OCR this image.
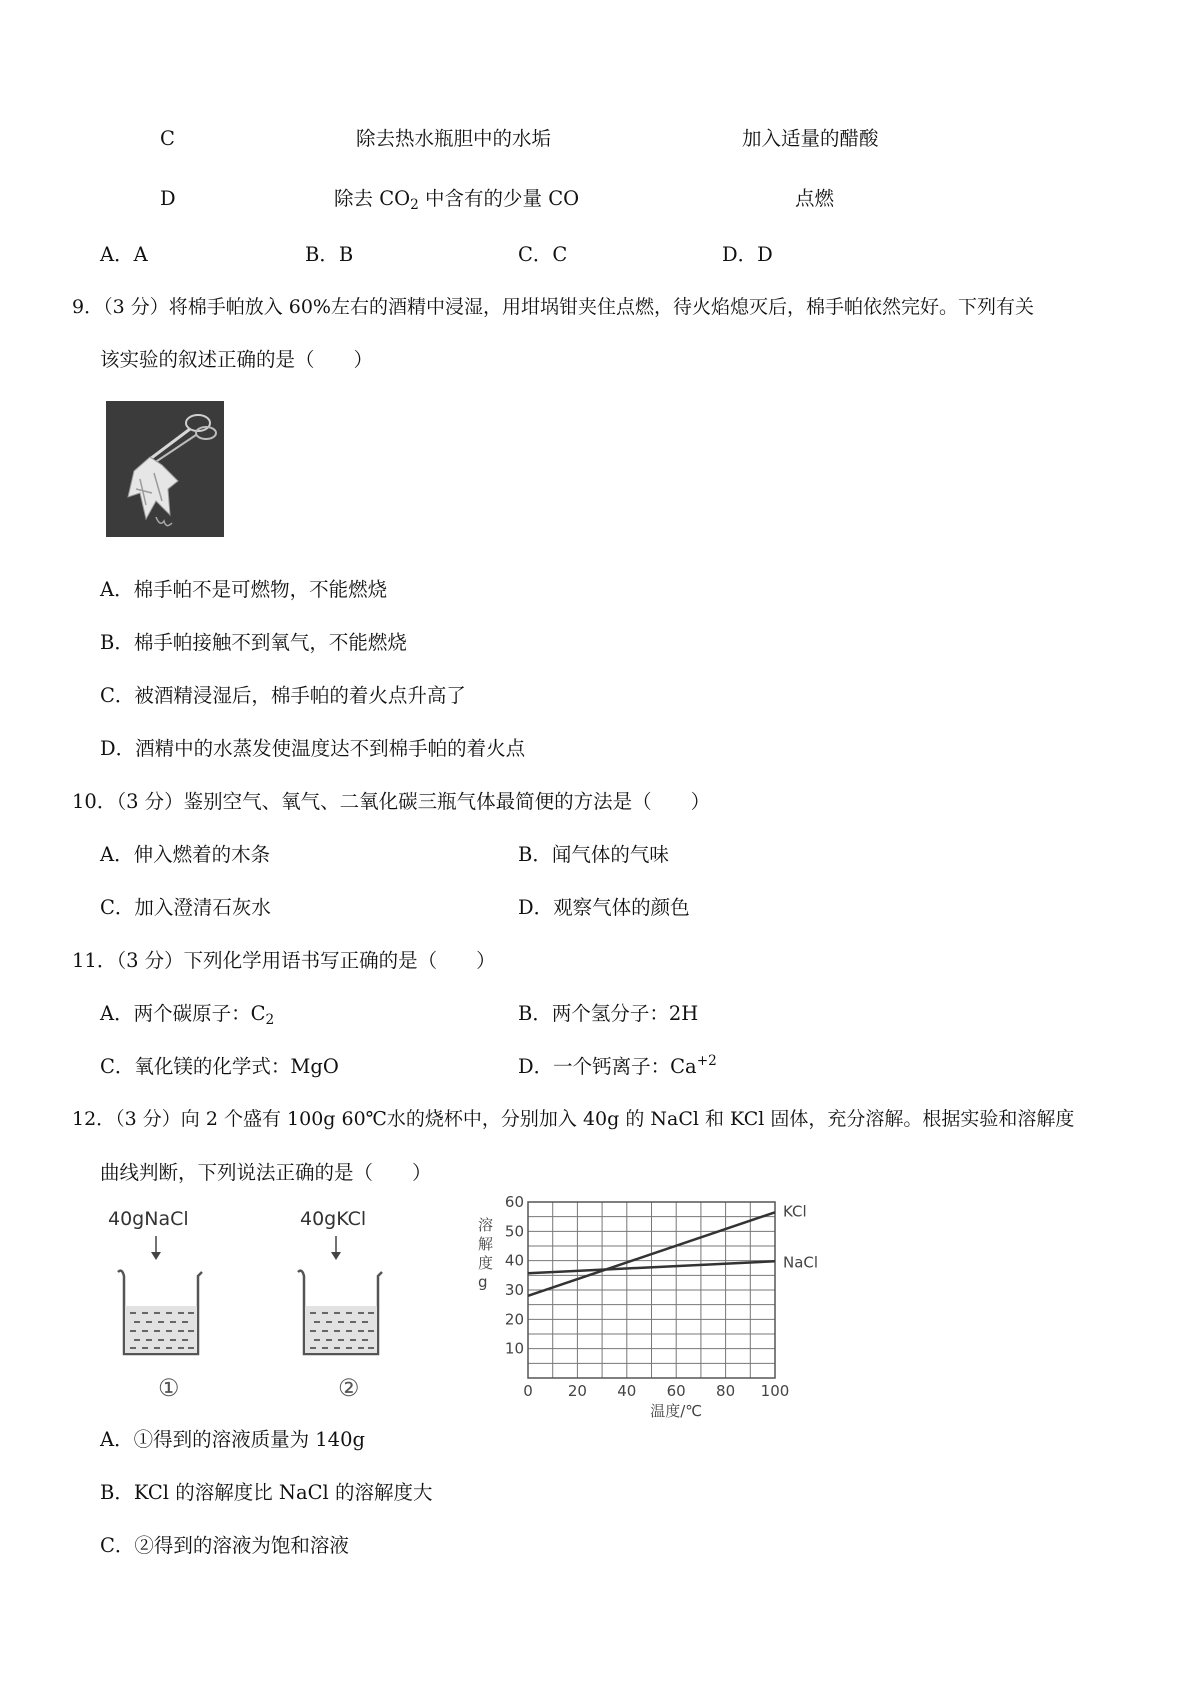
C	除去热水瓶胆中的水垢	加入适量的醋酸
D	除去 $CO_2$ 中含有的少量 CO	点燃
A．A	B．B	C．C	D．D
9．（3 分）将棉手帕放入 60%左右的酒精中浸湿，用坩埚钳夹住点燃，待火焰熄灭后，棉手帕依然完好。下列有关
该实验的叙述正确的是（　　）
A．棉手帕不是可燃物，不能燃烧
B．棉手帕接触不到氧气，不能燃烧
C．被酒精浸湿后，棉手帕的着火点升高了
D．酒精中的水蒸发使温度达不到棉手帕的着火点
10．（3 分）鉴别空气、氧气、二氧化碳三瓶气体最简便的方法是（　　）
A．伸入燃着的木条	B．闻气体的气味
C．加入澄清石灰水	D．观察气体的颜色
11．（3 分）下列化学用语书写正确的是（　　）
A．两个碳原子：$C_2$	B．两个氢分子：2H
C．氧化镁的化学式：MgO	D．一个钙离子：$Ca^{+2}$
12．（3 分）向 2 个盛有 100g 60℃水的烧杯中，分别加入 40g 的 NaCl 和 KCl 固体，充分溶解。根据实验和溶解度
曲线判断，下列说法正确的是（　　）
40gNaCl
①
40gKCl
②
10
20
30
40
50
60
0 20 40 60 80 100
溶
解
度
g
温度/℃
KCl
NaCl
A．①得到的溶液质量为 140g
B．KCl 的溶解度比 NaCl 的溶解度大
C．②得到的溶液为饱和溶液
